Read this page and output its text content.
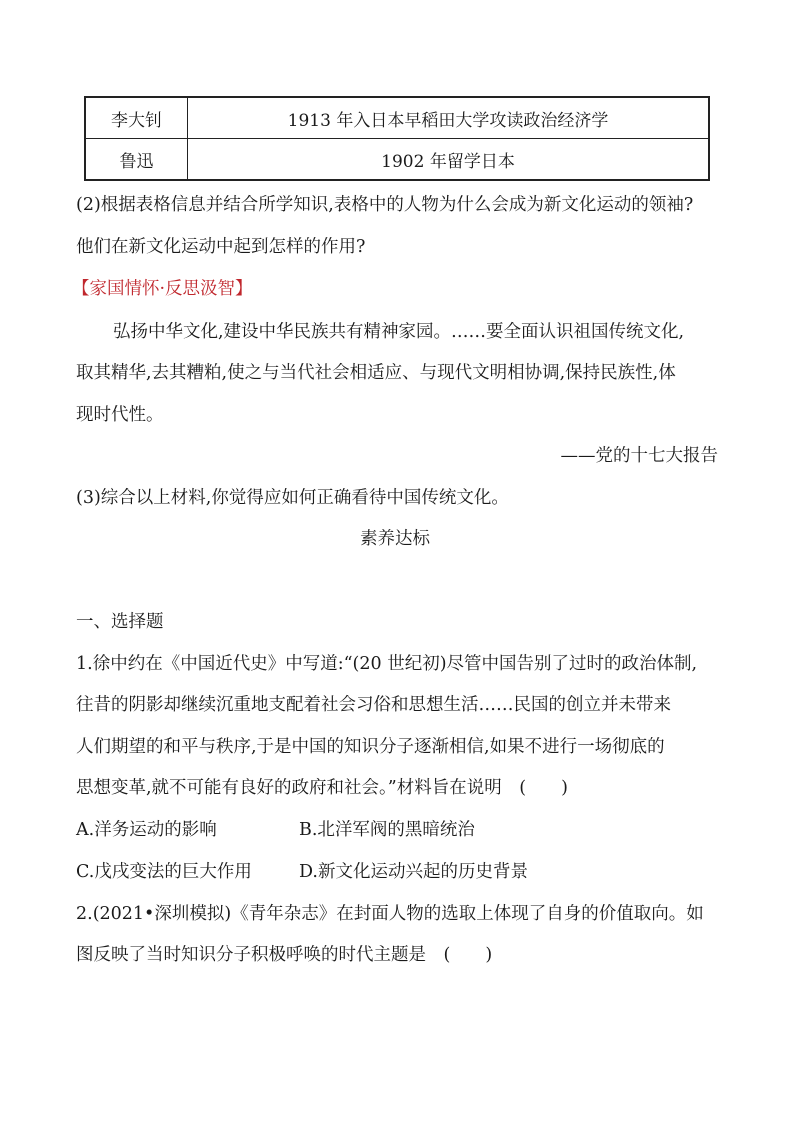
李大钊	1913 年入日本早稻田大学攻读政治经济学
鲁迅	1902 年留学日本
(2)根据表格信息并结合所学知识,表格中的人物为什么会成为新文化运动的领袖?
他们在新文化运动中起到怎样的作用?
【家国情怀·反思汲智】
弘扬中华文化,建设中华民族共有精神家园。……要全面认识祖国传统文化,
取其精华,去其糟粕,使之与当代社会相适应、与现代文明相协调,保持民族性,体
现时代性。
——党的十七大报告
(3)综合以上材料,你觉得应如何正确看待中国传统文化。
素养达标
一、选择题
1.徐中约在《中国近代史》中写道:“(20 世纪初)尽管中国告别了过时的政治体制,
往昔的阴影却继续沉重地支配着社会习俗和思想生活……民国的创立并未带来
人们期望的和平与秩序,于是中国的知识分子逐渐相信,如果不进行一场彻底的
思想变革,就不可能有良好的政府和社会。”材料旨在说明　(　　)
A.洋务运动的影响	B.北洋军阀的黑暗统治
C.戊戌变法的巨大作用	D.新文化运动兴起的历史背景
2.(2021•深圳模拟)《青年杂志》在封面人物的选取上体现了自身的价值取向。如
图反映了当时知识分子积极呼唤的时代主题是　(　　)
